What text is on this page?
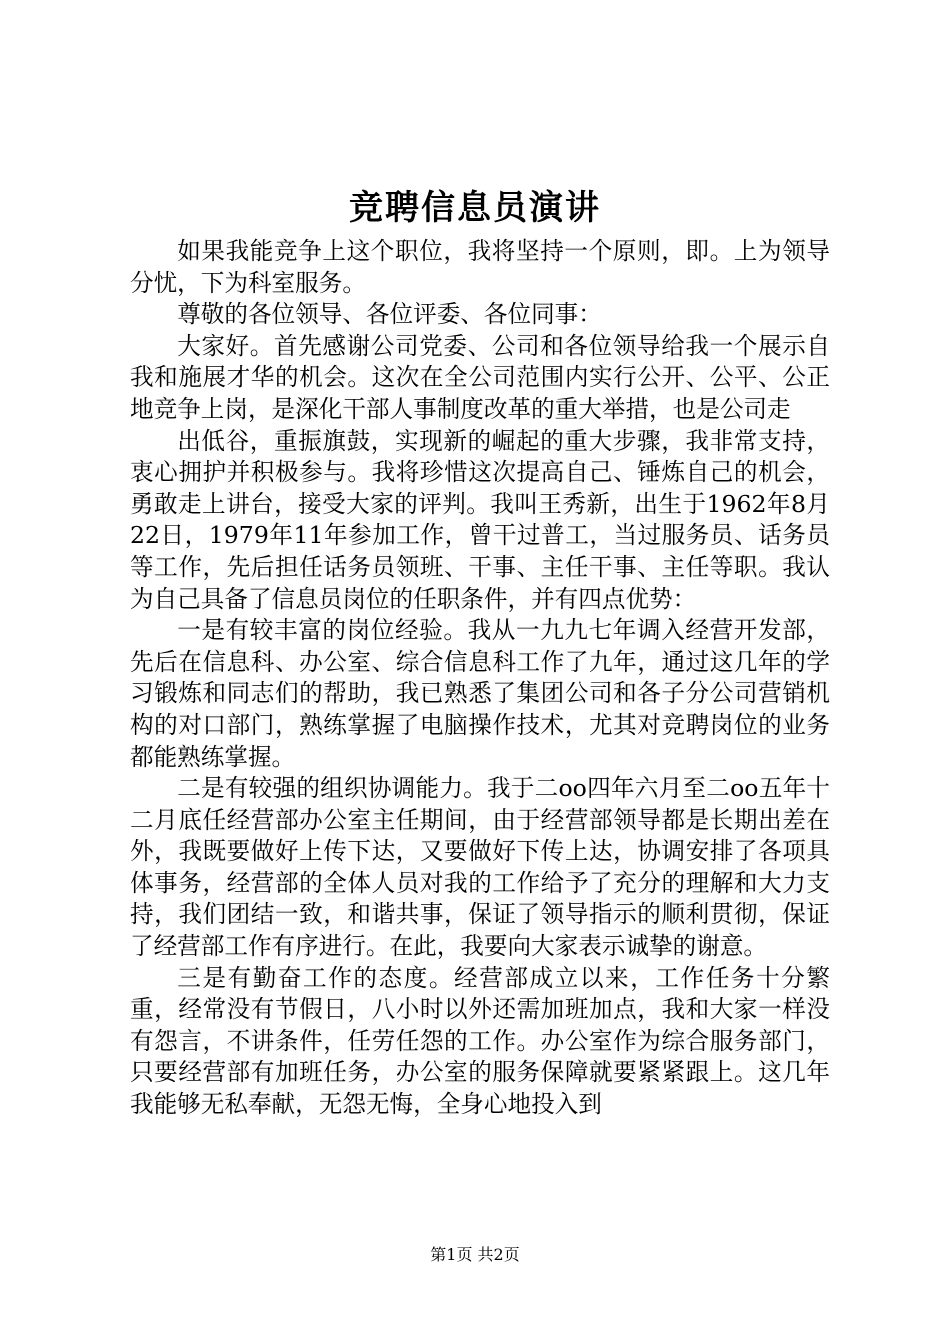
竞聘信息员演讲

如果我能竞争上这个职位，我将坚持一个原则，即。上为领导分忧，下为科室服务。

尊敬的各位领导、各位评委、各位同事：

大家好。首先感谢公司党委、公司和各位领导给我一个展示自我和施展才华的机会。这次在全公司范围内实行公开、公平、公正地竞争上岗，是深化干部人事制度改革的重大举措，也是公司走

出低谷，重振旗鼓，实现新的崛起的重大步骤，我非常支持，衷心拥护并积极参与。我将珍惜这次提高自己、锤炼自己的机会，勇敢走上讲台，接受大家的评判。我叫王秀新，出生于1962年8月22日，1979年11年参加工作，曾干过普工，当过服务员、话务员等工作，先后担任话务员领班、干事、主任干事、主任等职。我认为自己具备了信息员岗位的任职条件，并有四点优势：

一是有较丰富的岗位经验。我从一九九七年调入经营开发部，先后在信息科、办公室、综合信息科工作了九年，通过这几年的学习锻炼和同志们的帮助，我已熟悉了集团公司和各子分公司营销机构的对口部门，熟练掌握了电脑操作技术，尤其对竞聘岗位的业务都能熟练掌握。

二是有较强的组织协调能力。我于二oo四年六月至二oo五年十二月底任经营部办公室主任期间，由于经营部领导都是长期出差在外，我既要做好上传下达，又要做好下传上达，协调安排了各项具体事务，经营部的全体人员对我的工作给予了充分的理解和大力支持，我们团结一致，和谐共事，保证了领导指示的顺利贯彻，保证了经营部工作有序进行。在此，我要向大家表示诚挚的谢意。

三是有勤奋工作的态度。经营部成立以来，工作任务十分繁重，经常没有节假日，八小时以外还需加班加点，我和大家一样没有怨言，不讲条件，任劳任怨的工作。办公室作为综合服务部门，只要经营部有加班任务，办公室的服务保障就要紧紧跟上。这几年我能够无私奉献，无怨无悔，全身心地投入到

第1页 共2页
